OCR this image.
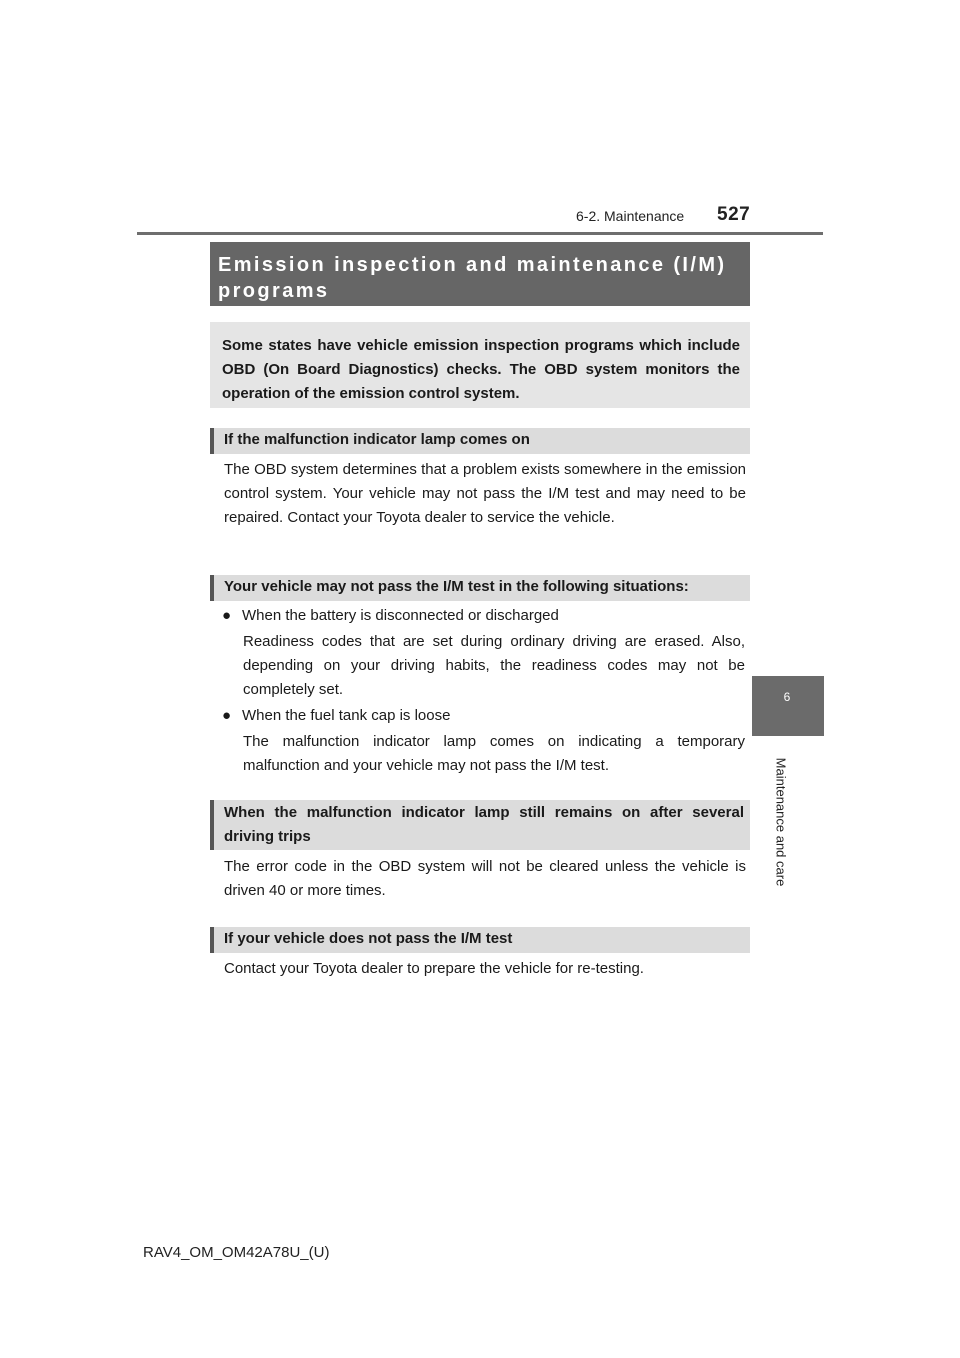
6-2. Maintenance 527
6
Maintenance and care
Emission inspection and maintenance (I/M) programs
Some states have vehicle emission inspection programs which include OBD (On Board Diagnostics) checks. The OBD system monitors the operation of the emission control system.
If the malfunction indicator lamp comes on
The OBD system determines that a problem exists somewhere in the emission control system. Your vehicle may not pass the I/M test and may need to be repaired. Contact your Toyota dealer to service the vehicle.
Your vehicle may not pass the I/M test in the following situations:
● When the battery is disconnected or discharged
Readiness codes that are set during ordinary driving are erased. Also, depending on your driving habits, the readiness codes may not be completely set.
● When the fuel tank cap is loose
The malfunction indicator lamp comes on indicating a temporary malfunction and your vehicle may not pass the I/M test.
When the malfunction indicator lamp still remains on after several driving trips
The error code in the OBD system will not be cleared unless the vehicle is driven 40 or more times.
If your vehicle does not pass the I/M test
Contact your Toyota dealer to prepare the vehicle for re-testing.
RAV4_OM_OM42A78U_(U)
